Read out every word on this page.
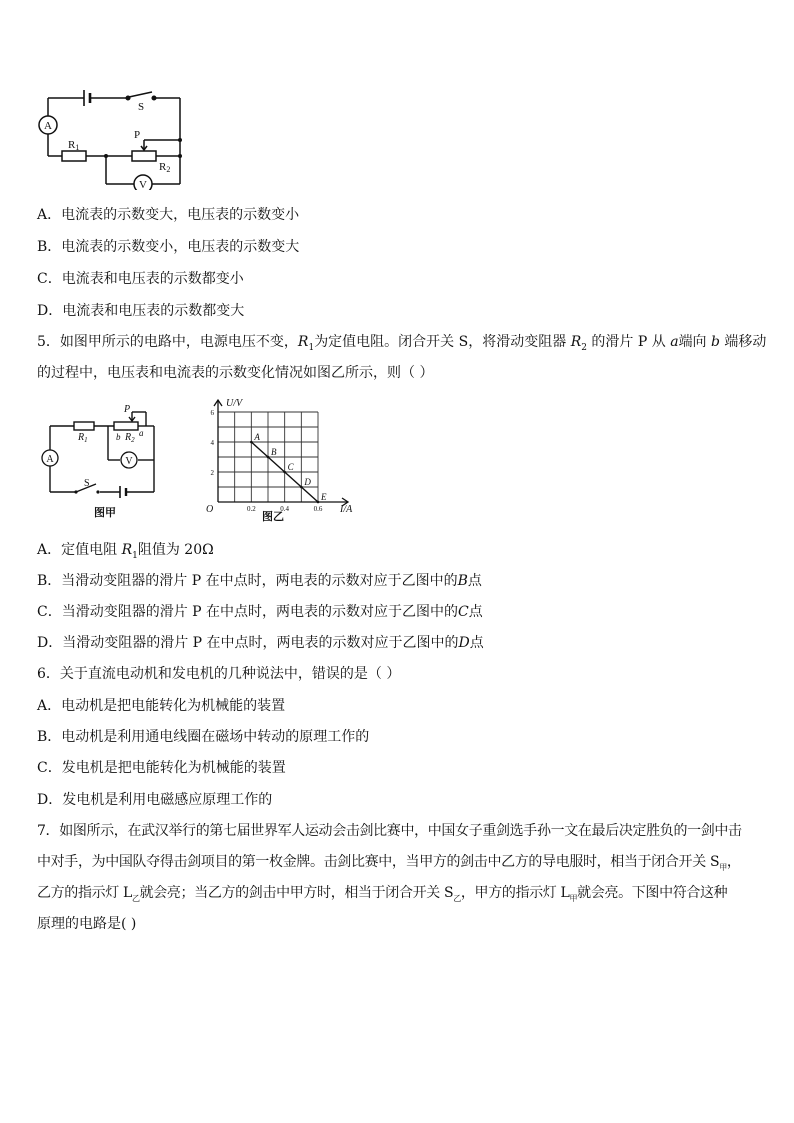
A
V
S
R1
P
R2
A．电流表的示数变大，电压表的示数变小
B．电流表的示数变小，电压表的示数变大
C．电流表和电压表的示数都变小
D．电流表和电压表的示数都变大
5．如图甲所示的电路中，电源电压不变，$R_1$为定值电阻。闭合开关 S，将滑动变阻器 $R_2$ 的滑片 P 从 a端向 b 端移动
的过程中，电压表和电流表的示数变化情况如图乙所示，则（ ）
A	V
$R_1$
P
b a
$R_2$
S
图甲	0.2	0.4	0.6
2
4
6
A
B
C
D
E
U/V
I/A
O
图乙
A．定值电阻 $R_1$阻值为 20Ω
B．当滑动变阻器的滑片 P 在中点时，两电表的示数对应于乙图中的B点
C．当滑动变阻器的滑片 P 在中点时，两电表的示数对应于乙图中的C点
D．当滑动变阻器的滑片 P 在中点时，两电表的示数对应于乙图中的D点
6．关于直流电动机和发电机的几种说法中，错误的是（ ）
A．电动机是把电能转化为机械能的装置
B．电动机是利用通电线圈在磁场中转动的原理工作的
C．发电机是把电能转化为机械能的装置
D．发电机是利用电磁感应原理工作的
7．如图所示，在武汉举行的第七届世界军人运动会击剑比赛中，中国女子重剑选手孙一文在最后决定胜负的一剑中击
中对手，为中国队夺得击剑项目的第一枚金牌。击剑比赛中，当甲方的剑击中乙方的导电服时，相当于闭合开关 $S_甲$，
乙方的指示灯 $L_乙$就会亮；当乙方的剑击中甲方时，相当于闭合开关 $S_乙$，甲方的指示灯 $L_甲$就会亮。下图中符合这种
原理的电路是( )
